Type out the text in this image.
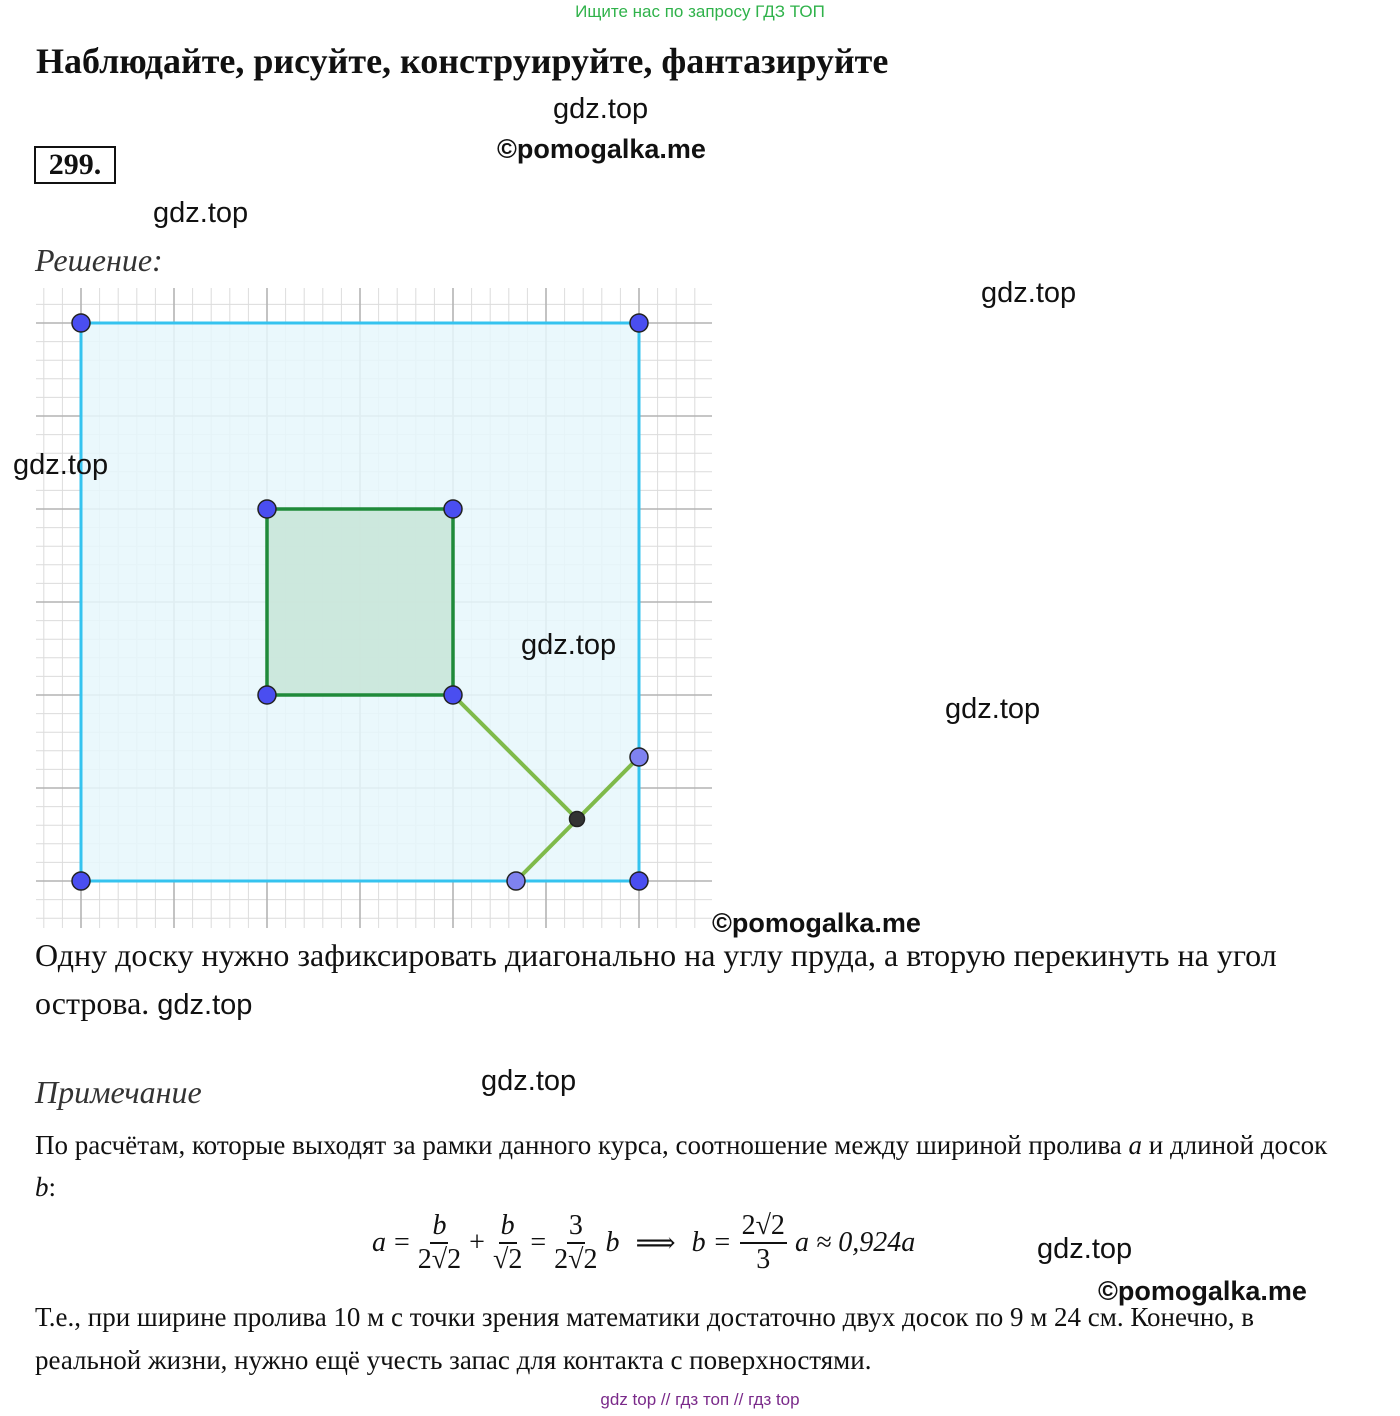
Ищите нас по запросу ГДЗ ТОП
Наблюдайте, рисуйте, конструируйте, фантазируйте
gdz.top
©pomogalka.me
299.
gdz.top
Решение:
gdz.top
gdz.top
gdz.top
gdz.top
©pomogalka.me
Одну доску нужно зафиксировать диагонально на углу пруда, а вторую перекинуть на угол острова. gdz.top
Примечание	gdz.top
По расчётам, которые выходят за рамки данного курса, соотношение между шириной пролива a и длиной досок b:
$a = \frac{b}{2√2} + \frac{b}{√2} = \frac{3}{2√2}$ b ⟹ $b = \frac{2√2}{3}$ a ≈ 0,924a	gdz.top
©pomogalka.me
Т.е., при ширине пролива 10 м с точки зрения математики достаточно двух досок по 9 м 24 см. Конечно, в реальной жизни, нужно ещё учесть запас для контакта с поверхностями.
gdz top // гдз топ // гдз top
